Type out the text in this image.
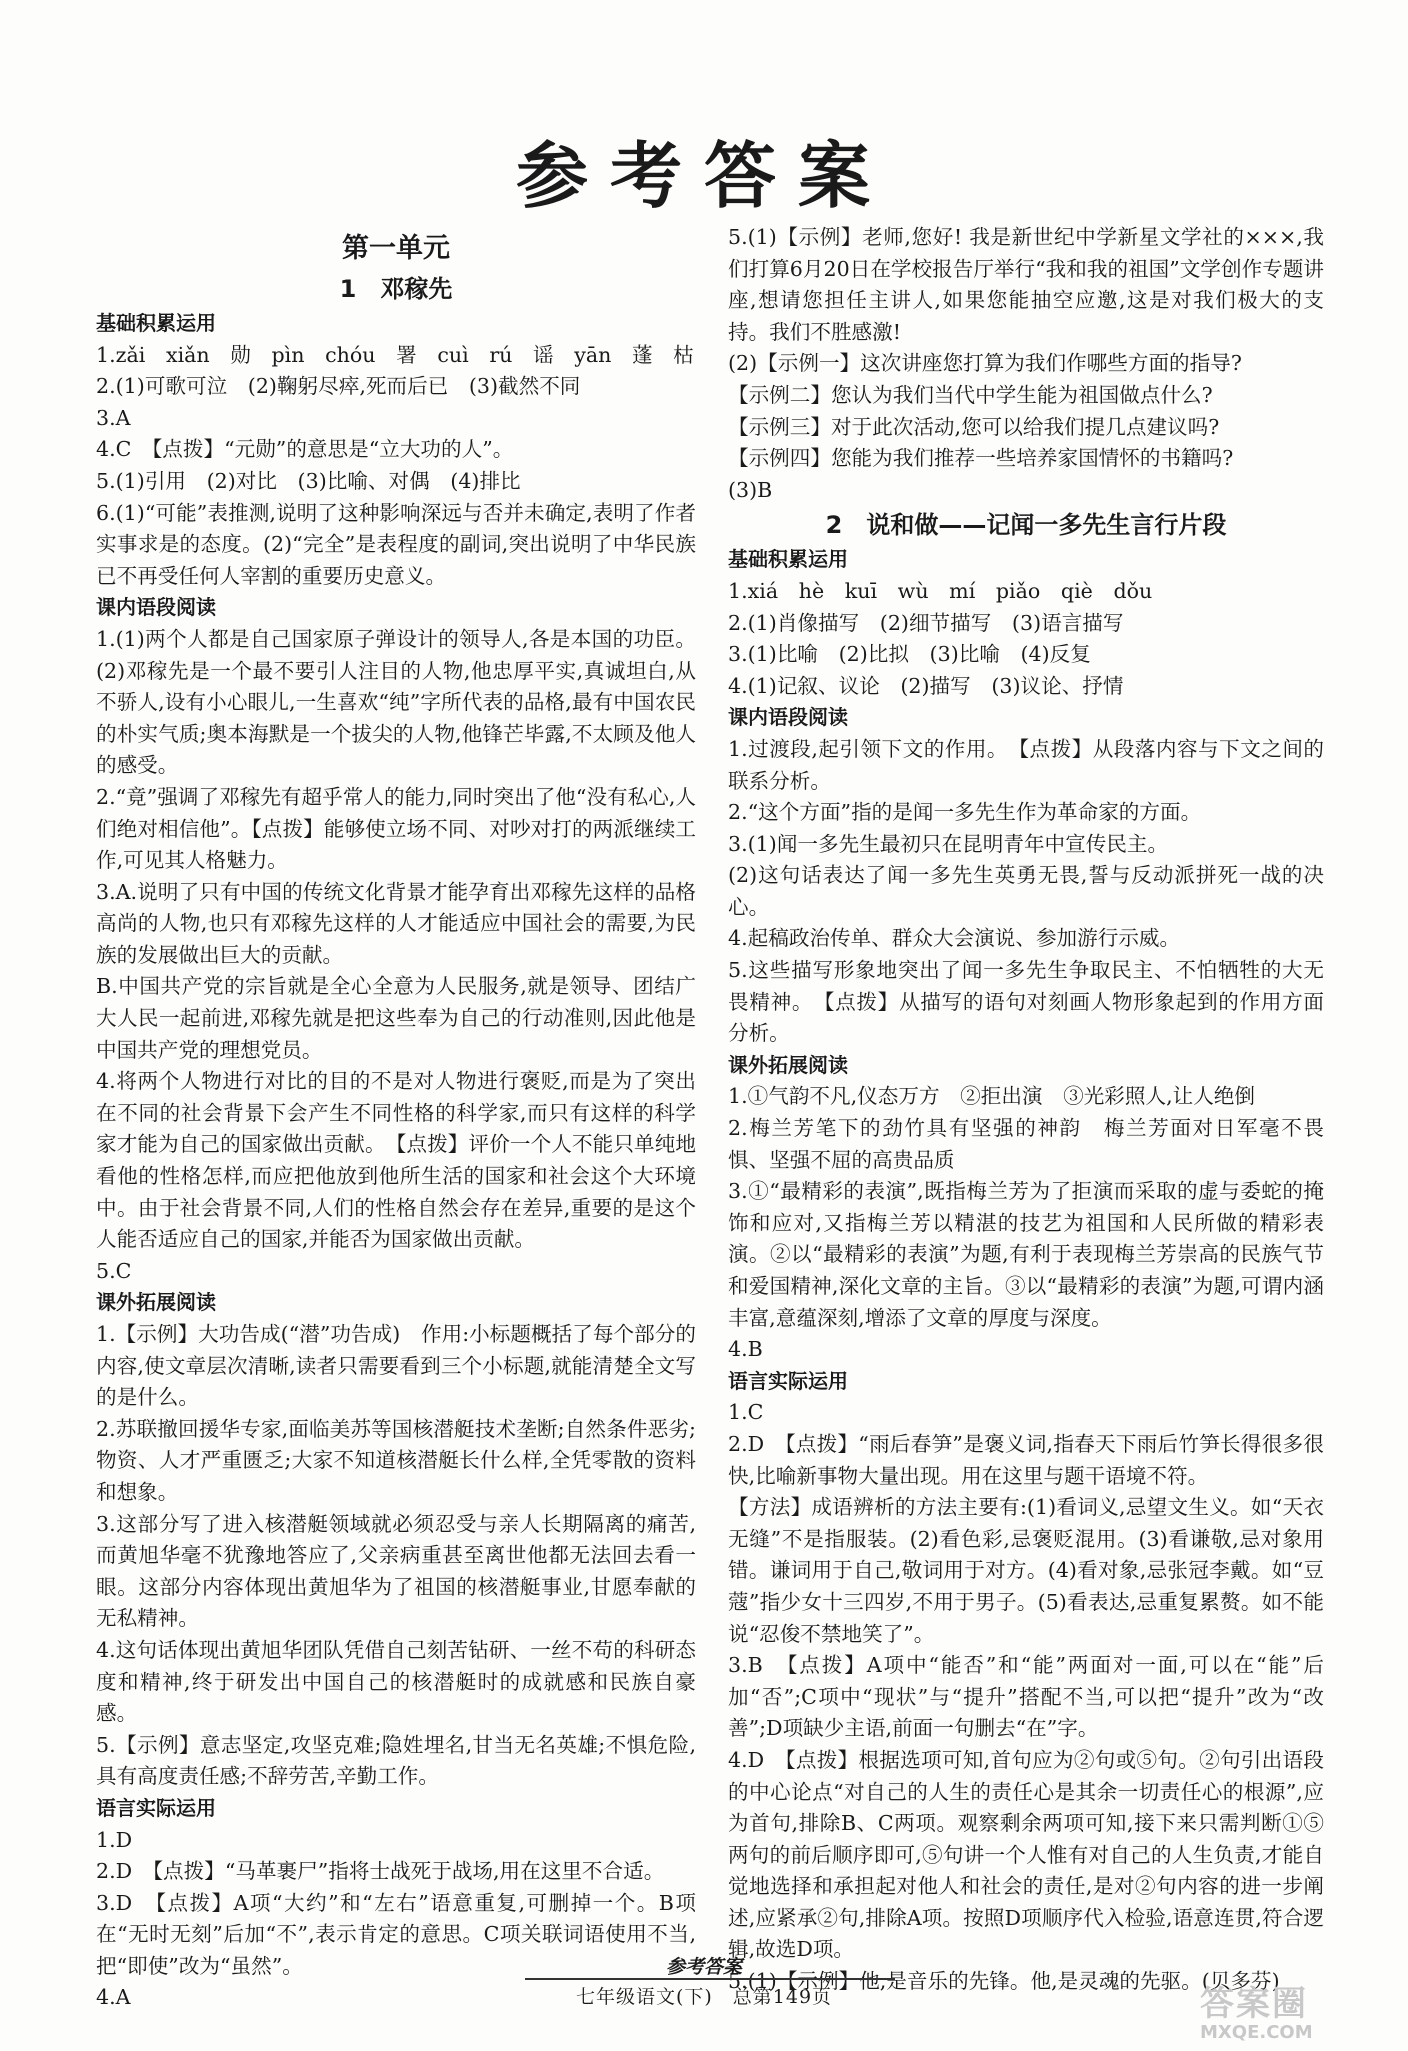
参考答案
第一单元
1　邓稼先
基础积累运用
1.zǎi　xiǎn　勋　pìn　chóu　署　cuì　rú　谣　yān　蓬　枯
2.(1)可歌可泣　(2)鞠躬尽瘁,死而后已　(3)截然不同
3.A
4.C　【点拨】“元勋”的意思是“立大功的人”。
5.(1)引用　(2)对比　(3)比喻、对偶　(4)排比
6.(1)“可能”表推测,说明了这种影响深远与否并未确定,表明了作者实事求是的态度。(2)“完全”是表程度的副词,突出说明了中华民族已不再受任何人宰割的重要历史意义。
课内语段阅读
1.(1)两个人都是自己国家原子弹设计的领导人,各是本国的功臣。(2)邓稼先是一个最不要引人注目的人物,他忠厚平实,真诚坦白,从不骄人,设有小心眼儿,一生喜欢“纯”字所代表的品格,最有中国农民的朴实气质;奥本海默是一个拔尖的人物,他锋芒毕露,不太顾及他人的感受。
2.“竟”强调了邓稼先有超乎常人的能力,同时突出了他“没有私心,人们绝对相信他”。【点拨】能够使立场不同、对吵对打的两派继续工作,可见其人格魅力。
3.A.说明了只有中国的传统文化背景才能孕育出邓稼先这样的品格高尚的人物,也只有邓稼先这样的人才能适应中国社会的需要,为民族的发展做出巨大的贡献。
B.中国共产党的宗旨就是全心全意为人民服务,就是领导、团结广大人民一起前进,邓稼先就是把这些奉为自己的行动准则,因此他是中国共产党的理想党员。
4.将两个人物进行对比的目的不是对人物进行褒贬,而是为了突出在不同的社会背景下会产生不同性格的科学家,而只有这样的科学家才能为自己的国家做出贡献。　【点拨】评价一个人不能只单纯地看他的性格怎样,而应把他放到他所生活的国家和社会这个大环境中。由于社会背景不同,人们的性格自然会存在差异,重要的是这个人能否适应自己的国家,并能否为国家做出贡献。
5.C
课外拓展阅读
1.【示例】大功告成(“潜”功告成)　作用:小标题概括了每个部分的内容,使文章层次清晰,读者只需要看到三个小标题,就能清楚全文写的是什么。
2.苏联撤回援华专家,面临美苏等国核潜艇技术垄断;自然条件恶劣;物资、人才严重匮乏;大家不知道核潜艇长什么样,全凭零散的资料和想象。
3.这部分写了进入核潜艇领域就必须忍受与亲人长期隔离的痛苦,而黄旭华毫不犹豫地答应了,父亲病重甚至离世他都无法回去看一眼。这部分内容体现出黄旭华为了祖国的核潜艇事业,甘愿奉献的无私精神。
4.这句话体现出黄旭华团队凭借自己刻苦钻研、一丝不苟的科研态度和精神,终于研发出中国自己的核潜艇时的成就感和民族自豪感。
5.【示例】意志坚定,攻坚克难;隐姓埋名,甘当无名英雄;不惧危险,具有高度责任感;不辞劳苦,辛勤工作。
语言实际运用
1.D
2.D　【点拨】“马革裹尸”指将士战死于战场,用在这里不合适。
3.D　【点拨】A项“大约”和“左右”语意重复,可删掉一个。B项在“无时无刻”后加“不”,表示肯定的意思。C项关联词语使用不当,把“即使”改为“虽然”。
4.A
5.(1)【示例】老师,您好! 我是新世纪中学新星文学社的×××,我们打算6月20日在学校报告厅举行“我和我的祖国”文学创作专题讲座,想请您担任主讲人,如果您能抽空应邀,这是对我们极大的支持。我们不胜感激!
(2)【示例一】这次讲座您打算为我们作哪些方面的指导?
【示例二】您认为我们当代中学生能为祖国做点什么?
【示例三】对于此次活动,您可以给我们提几点建议吗?
【示例四】您能为我们推荐一些培养家国情怀的书籍吗?
(3)B
2　说和做——记闻一多先生言行片段
基础积累运用
1.xiá　hè　kuī　wù　mí　piǎo　qiè　dǒu
2.(1)肖像描写　(2)细节描写　(3)语言描写
3.(1)比喻　(2)比拟　(3)比喻　(4)反复
4.(1)记叙、议论　(2)描写　(3)议论、抒情
课内语段阅读
1.过渡段,起引领下文的作用。　【点拨】从段落内容与下文之间的联系分析。
2.“这个方面”指的是闻一多先生作为革命家的方面。
3.(1)闻一多先生最初只在昆明青年中宣传民主。
(2)这句话表达了闻一多先生英勇无畏,誓与反动派拼死一战的决心。
4.起稿政治传单、群众大会演说、参加游行示威。
5.这些描写形象地突出了闻一多先生争取民主、不怕牺牲的大无畏精神。　【点拨】从描写的语句对刻画人物形象起到的作用方面分析。
课外拓展阅读
1.①气韵不凡,仪态万方　②拒出演　③光彩照人,让人绝倒
2.梅兰芳笔下的劲竹具有坚强的神韵　梅兰芳面对日军毫不畏惧、坚强不屈的高贵品质
3.①“最精彩的表演”,既指梅兰芳为了拒演而采取的虚与委蛇的掩饰和应对,又指梅兰芳以精湛的技艺为祖国和人民所做的精彩表演。②以“最精彩的表演”为题,有利于表现梅兰芳崇高的民族气节和爱国精神,深化文章的主旨。③以“最精彩的表演”为题,可谓内涵丰富,意蕴深刻,增添了文章的厚度与深度。
4.B
语言实际运用
1.C
2.D　【点拨】“雨后春笋”是褒义词,指春天下雨后竹笋长得很多很快,比喻新事物大量出现。用在这里与题干语境不符。
【方法】成语辨析的方法主要有:(1)看词义,忌望文生义。如“天衣无缝”不是指服装。(2)看色彩,忌褒贬混用。(3)看谦敬,忌对象用错。谦词用于自己,敬词用于对方。(4)看对象,忌张冠李戴。如“豆蔻”指少女十三四岁,不用于男子。(5)看表达,忌重复累赘。如不能说“忍俊不禁地笑了”。
3.B　【点拨】A项中“能否”和“能”两面对一面,可以在“能”后加“否”;C项中“现状”与“提升”搭配不当,可以把“提升”改为“改善”;D项缺少主语,前面一句删去“在”字。
4.D　【点拨】根据选项可知,首句应为②句或⑤句。②句引出语段的中心论点“对自己的人生的责任心是其余一切责任心的根源”,应为首句,排除B、C两项。观察剩余两项可知,接下来只需判断①⑤两句的前后顺序即可,⑤句讲一个人惟有对自己的人生负责,才能自觉地选择和承担起对他人和社会的责任,是对②句内容的进一步阐述,应紧承②句,排除A项。按照D项顺序代入检验,语意连贯,符合逻辑,故选D项。
5.(1)【示例】他,是音乐的先锋。他,是灵魂的先驱。(贝多芬)
参考答案
七年级语文(下)　总第149页	答案圈
MXQE.COM
